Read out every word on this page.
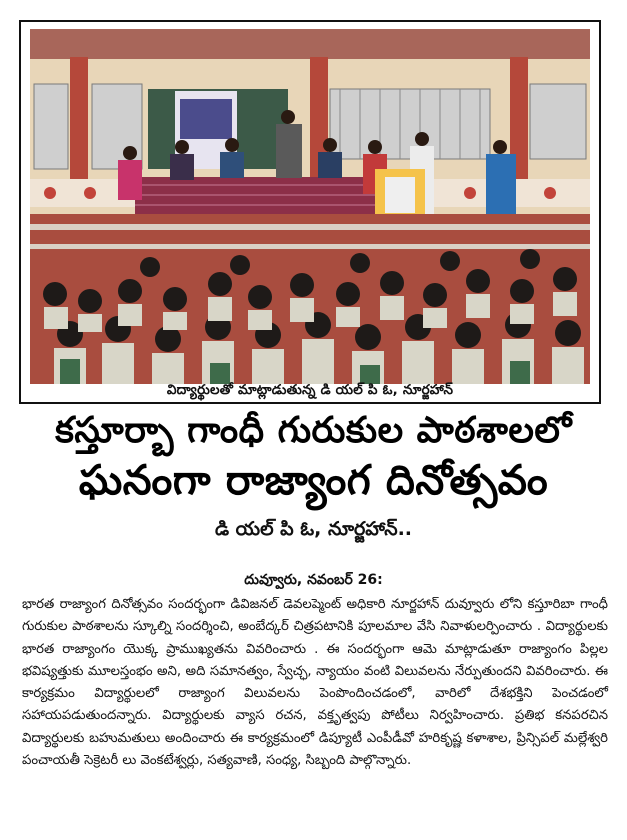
విద్యార్థులతో మాట్లాడుతున్న డి యల్ పి ఓ, నూర్జహాన్
కస్తూర్బా గాంధీ గురుకుల పాఠశాలలో
ఘనంగా రాజ్యాంగ దినోత్సవం
డి యల్ పి ఓ, నూర్జహాన్..
దువ్వూరు, నవంబర్ 26:

భారత రాజ్యాంగ దినోత్సవం సందర్భంగా డివిజనల్ డెవలప్మెంట్ అధికారి నూర్జహాన్ దువ్వూరు లోని కస్తూరిబా గాంధీ గురుకుల పాఠశాలను స్కూల్ని సందర్శించి, అంబేద్కర్ చిత్రపటానికి పూలమాల వేసి నివాళులర్పించారు . విద్యార్థులకు భారత రాజ్యాంగం యొక్క ప్రాముఖ్యతను వివరించారు . ఈ సందర్భంగా ఆమె మాట్లాడుతూ రాజ్యాంగం పిల్లల భవిష్యత్తుకు మూలస్తంభం అని, అది సమానత్వం, స్వేచ్ఛ, న్యాయం వంటి విలువలను నేర్పుతుందని వివరించారు. ఈ కార్యక్రమం విద్యార్థులలో రాజ్యాంగ విలువలను పెంపొందించడంలో, వారిలో దేశభక్తిని పెంచడంలో సహాయపడుతుందన్నారు. విద్యార్థులకు వ్యాస రచన, వక్తృత్వపు పోటీలు నిర్వహించారు. ప్రతిభ కనపరచిన విద్యార్థులకు బహుమతులు అందించారు ఈ కార్యక్రమంలో డిప్యూటీ ఎంపీడీవో హరికృష్ణ కళాశాల, ప్రిన్సిపల్ మల్లేశ్వరి పంచాయతీ సెక్రెటరీ లు వెంకటేశ్వర్లు, సత్యవాణి, సంధ్య, సిబ్బంది పాల్గొన్నారు.
